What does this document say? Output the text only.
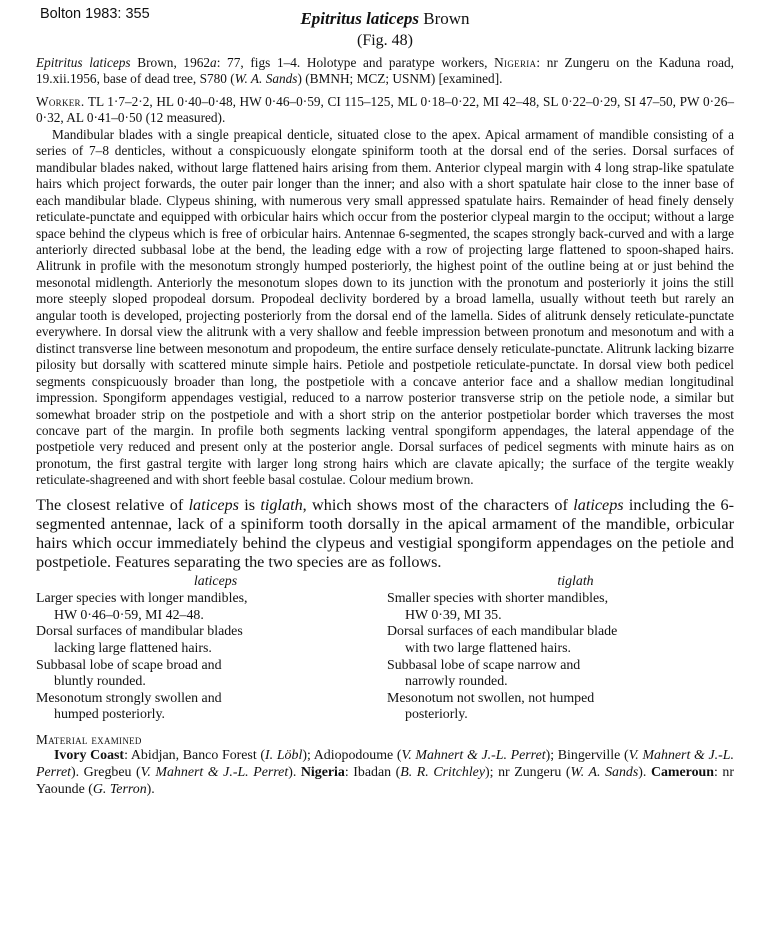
Bolton 1983: 355	Epitritus laticeps Brown
(Fig. 48)

Epitritus laticeps Brown, 1962a: 77, figs 1–4. Holotype and paratype workers, Nigeria: nr Zungeru on the Kaduna road, 19.xii.1956, base of dead tree, S780 (W. A. Sands) (BMNH; MCZ; USNM) [examined].

Worker. TL 1·7–2·2, HL 0·40–0·48, HW 0·46–0·59, CI 115–125, ML 0·18–0·22, MI 42–48, SL 0·22–0·29, SI 47–50, PW 0·26–0·32, AL 0·41–0·50 (12 measured).

Mandibular blades with a single preapical denticle, situated close to the apex. Apical armament of mandible consisting of a series of 7–8 denticles, without a conspicuously elongate spiniform tooth at the dorsal end of the series. Dorsal surfaces of mandibular blades naked, without large flattened hairs arising from them. Anterior clypeal margin with 4 long strap-like spatulate hairs which project forwards, the outer pair longer than the inner; and also with a short spatulate hair close to the inner base of each mandibular blade. Clypeus shining, with numerous very small appressed spatulate hairs. Remainder of head finely densely reticulate-punctate and equipped with orbicular hairs which occur from the posterior clypeal margin to the occiput; without a large space behind the clypeus which is free of orbicular hairs. Antennae 6-segmented, the scapes strongly back-curved and with a large anteriorly directed subbasal lobe at the bend, the leading edge with a row of projecting large flattened to spoon-shaped hairs. Alitrunk in profile with the mesonotum strongly humped posteriorly, the highest point of the outline being at or just behind the mesonotal midlength. Anteriorly the mesonotum slopes down to its junction with the pronotum and posteriorly it joins the still more steeply sloped propodeal dorsum. Propodeal declivity bordered by a broad lamella, usually without teeth but rarely an angular tooth is developed, projecting posteriorly from the dorsal end of the lamella. Sides of alitrunk densely reticulate-punctate everywhere. In dorsal view the alitrunk with a very shallow and feeble impression between pronotum and mesonotum and with a distinct transverse line between mesonotum and propodeum, the entire surface densely reticulate-punctate. Alitrunk lacking bizarre pilosity but dorsally with scattered minute simple hairs. Petiole and postpetiole reticulate-punctate. In dorsal view both pedicel segments conspicuously broader than long, the postpetiole with a concave anterior face and a shallow median longitudinal impression. Spongiform appendages vestigial, reduced to a narrow posterior transverse strip on the petiole node, a similar but somewhat broader strip on the postpetiole and with a short strip on the anterior postpetiolar border which traverses the most concave part of the margin. In profile both segments lacking ventral spongiform appendages, the lateral appendage of the postpetiole very reduced and present only at the posterior angle. Dorsal surfaces of pedicel segments with minute hairs as on pronotum, the first gastral tergite with larger long strong hairs which are clavate apically; the surface of the tergite weakly reticulate-shagreened and with short feeble basal costulae. Colour medium brown.

The closest relative of laticeps is tiglath, which shows most of the characters of laticeps including the 6-segmented antennae, lack of a spiniform tooth dorsally in the apical armament of the mandible, orbicular hairs which occur immediately behind the clypeus and vestigial spongiform appendages on the petiole and postpetiole. Features separating the two species are as follows.

laticeps
Larger species with longer mandibles,
HW 0·46–0·59, MI 42–48.
Dorsal surfaces of mandibular blades
lacking large flattened hairs.
Subbasal lobe of scape broad and
bluntly rounded.
Mesonotum strongly swollen and
humped posteriorly.
tiglath
Smaller species with shorter mandibles,
HW 0·39, MI 35.
Dorsal surfaces of each mandibular blade
with two large flattened hairs.
Subbasal lobe of scape narrow and
narrowly rounded.
Mesonotum not swollen, not humped
posteriorly.
Material examined

Ivory Coast: Abidjan, Banco Forest (I. Löbl); Adiopodoume (V. Mahnert & J.-L. Perret); Bingerville (V. Mahnert & J.-L. Perret). Gregbeu (V. Mahnert & J.-L. Perret). Nigeria: Ibadan (B. R. Critchley); nr Zungeru (W. A. Sands). Cameroun: nr Yaounde (G. Terron).
